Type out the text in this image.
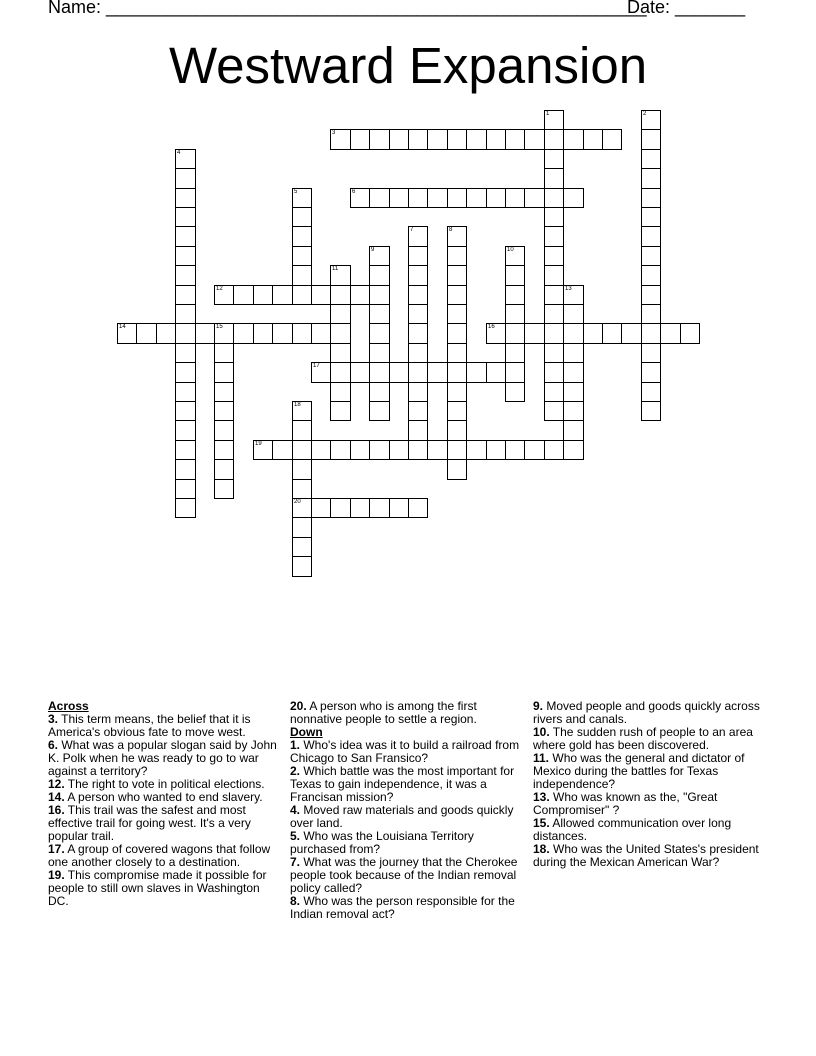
Name: ______________________________________________________
Date: _______
Westward Expansion
1	2
3
4
5	6
7	8
9	10
11
12	13
14	15	16
17
18
20
19

Across

3. This term means, the belief that it is America's obvious fate to move west.

6. What was a popular slogan said by John K. Polk when he was ready to go to war against a territory?

12. The right to vote in political elections.

14. A person who wanted to end slavery.

16. This trail was the safest and most effective trail for going west. It's a very popular trail.

17. A group of covered wagons that follow one another closely to a destination.

19. This compromise made it possible for people to still own slaves in Washington DC.

20. A person who is among the first nonnative people to settle a region.

Down

1. Who's idea was it to build a railroad from Chicago to San Fransico?

2. Which battle was the most important for Texas to gain independence, it was a Francisan mission?

4. Moved raw materials and goods quickly over land.

5. Who was the Louisiana Territory purchased from?

7. What was the journey that the Cherokee people took because of the Indian removal policy called?

8. Who was the person responsible for the Indian removal act?

9. Moved people and goods quickly across rivers and canals.

10. The sudden rush of people to an area where gold has been discovered.

11. Who was the general and dictator of Mexico during the battles for Texas independence?

13. Who was known as the, "Great Compromiser" ?

15. Allowed communication over long distances.

18. Who was the United States's president during the Mexican American War?
